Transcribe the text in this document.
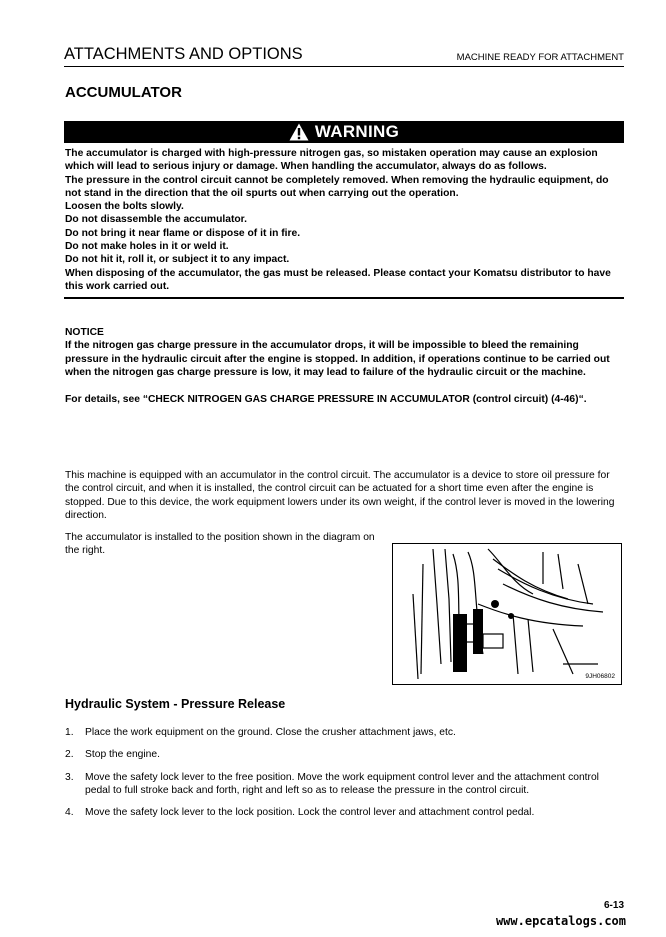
ATTACHMENTS AND OPTIONS	MACHINE READY FOR ATTACHMENT
ACCUMULATOR
WARNING

The accumulator is charged with high-pressure nitrogen gas, so mistaken operation may cause an explosion which will lead to serious injury or damage. When handling the accumulator, always do as follows.

The pressure in the control circuit cannot be completely removed. When removing the hydraulic equipment, do not stand in the direction that the oil spurts out when carrying out the operation.

Loosen the bolts slowly.

Do not disassemble the accumulator.

Do not bring it near flame or dispose of it in fire.

Do not make holes in it or weld it.

Do not hit it, roll it, or subject it to any impact.

When disposing of the accumulator, the gas must be released. Please contact your Komatsu distributor to have this work carried out.

NOTICE

If the nitrogen gas charge pressure in the accumulator drops, it will be impossible to bleed the remaining pressure in the hydraulic circuit after the engine is stopped. In addition, if operations continue to be carried out when the nitrogen gas charge pressure is low, it may lead to failure of the hydraulic circuit or the machine.

For details, see “CHECK NITROGEN GAS CHARGE PRESSURE IN ACCUMULATOR (control circuit) (4-46)“.

This machine is equipped with an accumulator in the control circuit. The accumulator is a device to store oil pressure for the control circuit, and when it is installed, the control circuit can be actuated for a short time even after the engine is stopped. Due to this device, the work equipment lowers under its own weight, if the control lever is moved in the lowering direction.
The accumulator is installed to the position shown in the diagram on the right.
9JH06802
Hydraulic System - Pressure Release
1.	Place the work equipment on the ground. Close the crusher attachment jaws, etc.
2.	Stop the engine.
3.	Move the safety lock lever to the free position. Move the work equipment control lever and the attachment control pedal to full stroke back and forth, right and left so as to release the pressure in the control circuit.
4.	Move the safety lock lever to the lock position. Lock the control lever and attachment control pedal.
6-13
www.epcatalogs.com
